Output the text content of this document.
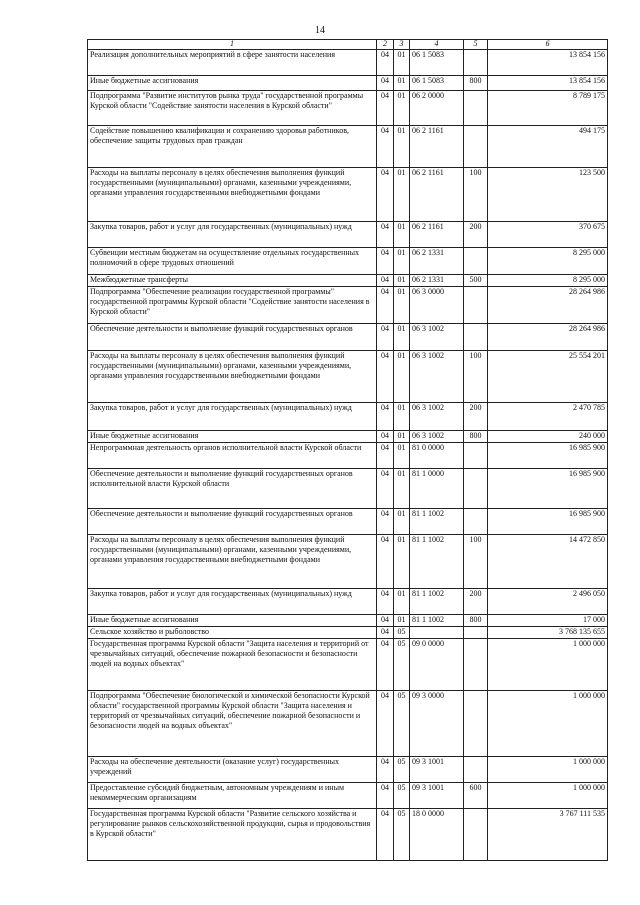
14
1	2	3	4	5	6
Реализация дополнительных мероприятий в сфере занятости населения	04	01	06 1 5083		13 854 156
Иные бюджетные ассигнования	04	01	06 1 5083	800	13 854 156
Подпрограмма "Развитие институтов рынка труда" государственной программы Курской области "Содействие занятости населения в Курской области"	04	01	06 2 0000		8 789 175
Содействие повышению квалификации и сохранению здоровья работников, обеспечение защиты трудовых прав граждан	04	01	06 2 1161		494 175
Расходы на выплаты персоналу в целях обеспечения выполнения функций государственными (муниципальными) органами, казенными учреждениями, органами управления государственными внебюджетными фондами	04	01	06 2 1161	100	123 500
Закупка товаров, работ и услуг для государственных (муниципальных) нужд	04	01	06 2 1161	200	370 675
Субвенции местным бюджетам на осуществление отдельных государственных полномочий в сфере трудовых отношений	04	01	06 2 1331		8 295 000
Межбюджетные трансферты	04	01	06 2 1331	500	8 295 000
Подпрограмма "Обеспечение реализации государственной программы" государственной программы Курской области "Содействие занятости населения в Курской области"	04	01	06 3 0000		28 264 986
Обеспечение деятельности и выполнение функций государственных органов	04	01	06 3 1002		28 264 986
Расходы на выплаты персоналу в целях обеспечения выполнения функций государственными (муниципальными) органами, казенными учреждениями, органами управления государственными внебюджетными фондами	04	01	06 3 1002	100	25 554 201
Закупка товаров, работ и услуг для государственных (муниципальных) нужд	04	01	06 3 1002	200	2 470 785
Иные бюджетные ассигнования	04	01	06 3 1002	800	240 000
Непрограммная деятельность органов исполнительной власти Курской области	04	01	81 0 0000		16 985 900
Обеспечение деятельности и выполнение функций государственных органов исполнительной власти Курской области	04	01	81 1 0000		16 985 900
Обеспечение деятельности и выполнение функций государственных органов	04	01	81 1 1002		16 985 900
Расходы на выплаты персоналу в целях обеспечения выполнения функций государственными (муниципальными) органами, казенными учреждениями, органами управления государственными внебюджетными фондами	04	01	81 1 1002	100	14 472 850
Закупка товаров, работ и услуг для государственных (муниципальных) нужд	04	01	81 1 1002	200	2 496 050
Иные бюджетные ассигнования	04	01	81 1 1002	800	17 000
Сельское хозяйство и рыболовство	04	05			3 768 135 655
Государственная программа Курской области "Защита населения и территорий от чрезвычайных ситуаций, обеспечение пожарной безопасности и безопасности людей на водных объектах"	04	05	09 0 0000		1 000 000
Подпрограмма "Обеспечение биологической и химической безопасности Курской области" государственной программы Курской области "Защита населения и территорий от чрезвычайных ситуаций, обеспечение пожарной безопасности и безопасности людей на водных объектах"	04	05	09 3 0000		1 000 000
Расходы на обеспечение деятельности (оказание услуг) государственных учреждений	04	05	09 3 1001		1 000 000
Предоставление субсидий бюджетным, автономным учреждениям и иным некоммерческим организациям	04	05	09 3 1001	600	1 000 000
Государственная программа Курской области "Развитие сельского хозяйства и регулирование рынков сельскохозяйственной продукции, сырья и продовольствия в Курской области"	04	05	18 0 0000		3 767 111 535
